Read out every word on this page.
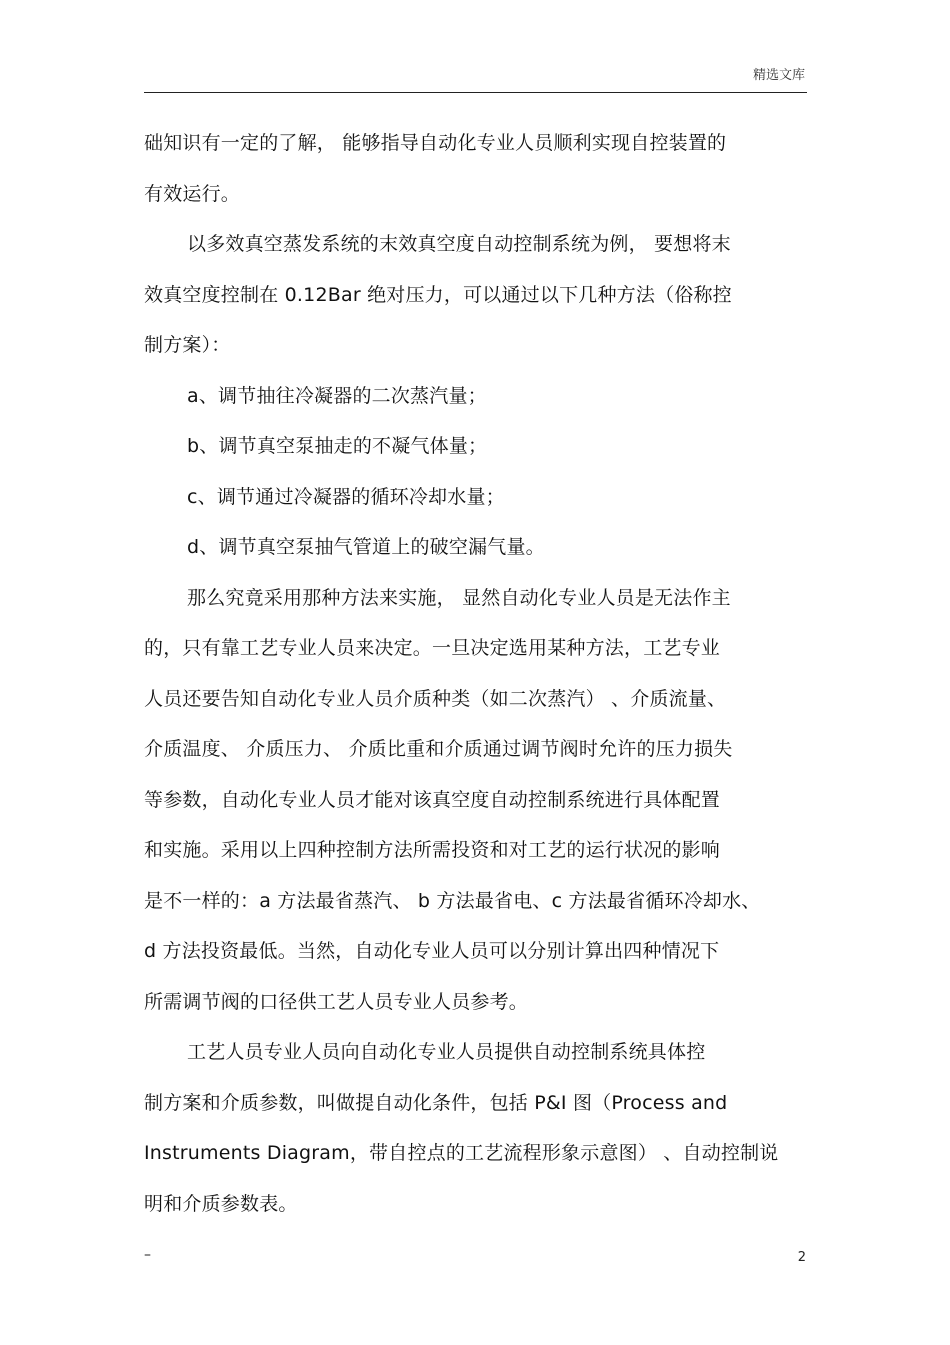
精选文库
础知识有一定的了解， 能够指导自动化专业人员顺利实现自控装置的
有效运行。
以多效真空蒸发系统的末效真空度自动控制系统为例， 要想将末
效真空度控制在 0.12Bar 绝对压力，可以通过以下几种方法（俗称控
制方案）：
a、调节抽往冷凝器的二次蒸汽量；
b、调节真空泵抽走的不凝气体量；
c、调节通过冷凝器的循环冷却水量；
d、调节真空泵抽气管道上的破空漏气量。
那么究竟采用那种方法来实施， 显然自动化专业人员是无法作主
的，只有靠工艺专业人员来决定。一旦决定选用某种方法，工艺专业
人员还要告知自动化专业人员介质种类（如二次蒸汽） 、介质流量、
介质温度、 介质压力、 介质比重和介质通过调节阀时允许的压力损失
等参数，自动化专业人员才能对该真空度自动控制系统进行具体配置
和实施。采用以上四种控制方法所需投资和对工艺的运行状况的影响
是不一样的：a 方法最省蒸汽、 b 方法最省电、c 方法最省循环冷却水、
d 方法投资最低。当然，自动化专业人员可以分别计算出四种情况下
所需调节阀的口径供工艺人员专业人员参考。
工艺人员专业人员向自动化专业人员提供自动控制系统具体控
制方案和介质参数，叫做提自动化条件，包括 P&I 图（Process and
Instruments Diagram，带自控点的工艺流程形象示意图） 、自动控制说
明和介质参数表。
–	2
